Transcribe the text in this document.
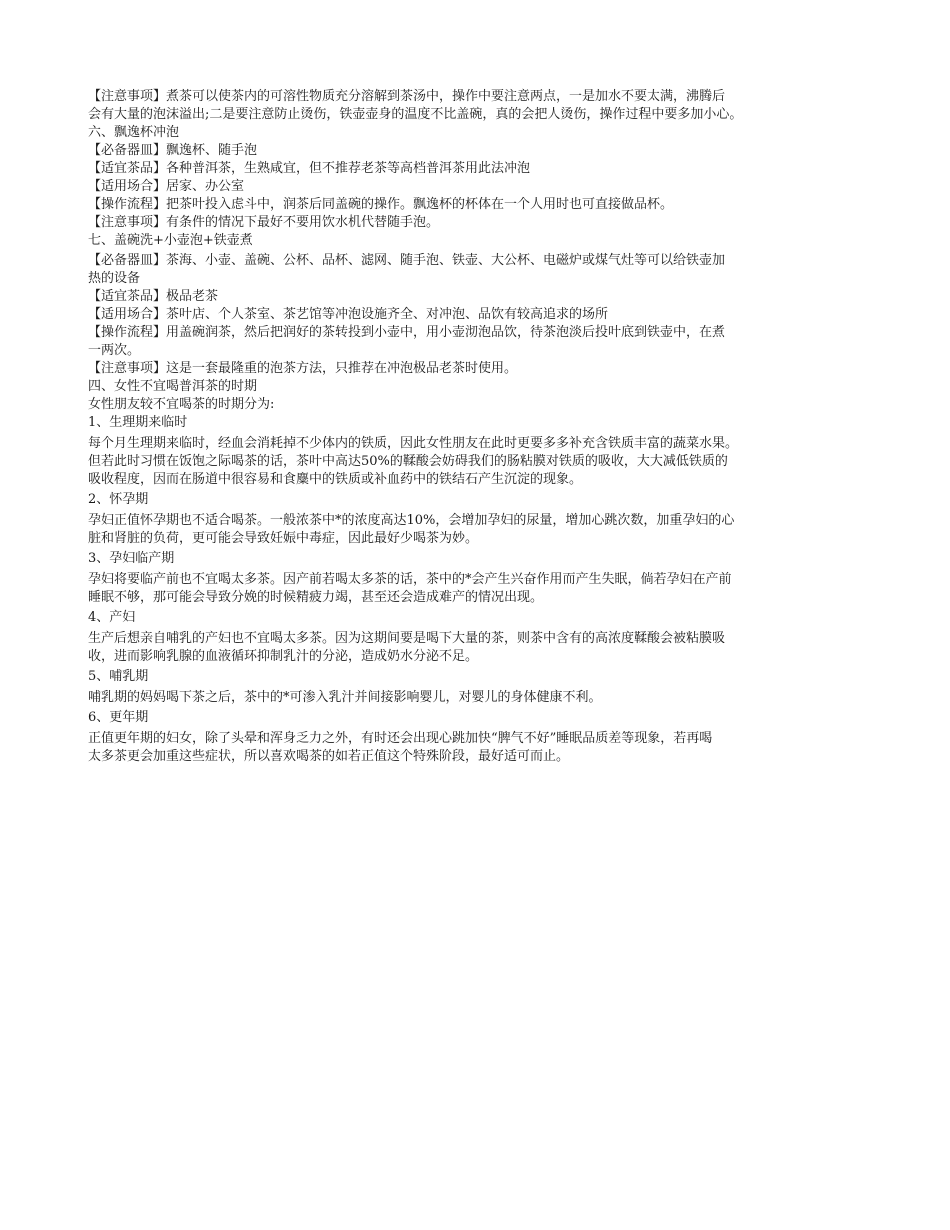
【注意事项】煮茶可以使茶内的可溶性物质充分溶解到茶汤中，操作中要注意两点，一是加水不要太满，沸腾后
会有大量的泡沫溢出;二是要注意防止烫伤，铁壶壶身的温度不比盖碗，真的会把人烫伤，操作过程中要多加小心。
六、飘逸杯冲泡
【必备器皿】飘逸杯、随手泡
【适宜茶品】各种普洱茶，生熟咸宜，但不推荐老茶等高档普洱茶用此法冲泡
【适用场合】居家、办公室
【操作流程】把茶叶投入虑斗中，润茶后同盖碗的操作。飘逸杯的杯体在一个人用时也可直接做品杯。
【注意事项】有条件的情况下最好不要用饮水机代替随手泡。
七、盖碗洗+小壶泡+铁壶煮
【必备器皿】茶海、小壶、盖碗、公杯、品杯、滤网、随手泡、铁壶、大公杯、电磁炉或煤气灶等可以给铁壶加
热的设备
【适宜茶品】极品老茶
【适用场合】茶叶店、个人茶室、茶艺馆等冲泡设施齐全、对冲泡、品饮有较高追求的场所
【操作流程】用盖碗润茶，然后把润好的茶转投到小壶中，用小壶沏泡品饮，待茶泡淡后投叶底到铁壶中，在煮
一两次。
【注意事项】这是一套最隆重的泡茶方法，只推荐在冲泡极品老茶时使用。
四、女性不宜喝普洱茶的时期
女性朋友较不宜喝茶的时期分为:
1、生理期来临时
每个月生理期来临时，经血会消耗掉不少体内的铁质，因此女性朋友在此时更要多多补充含铁质丰富的蔬菜水果。
但若此时习惯在饭饱之际喝茶的话，茶叶中高达50%的鞣酸会妨碍我们的肠粘膜对铁质的吸收，大大减低铁质的
吸收程度，因而在肠道中很容易和食麋中的铁质或补血药中的铁结石产生沉淀的现象。
2、怀孕期
孕妇正值怀孕期也不适合喝茶。一般浓茶中*的浓度高达10%，会增加孕妇的尿量，增加心跳次数，加重孕妇的心
脏和肾脏的负荷，更可能会导致妊娠中毒症，因此最好少喝茶为妙。
3、孕妇临产期
孕妇将要临产前也不宜喝太多茶。因产前若喝太多茶的话，茶中的*会产生兴奋作用而产生失眠，倘若孕妇在产前
睡眠不够，那可能会导致分娩的时候精疲力竭，甚至还会造成难产的情况出现。
4、产妇
生产后想亲自哺乳的产妇也不宜喝太多茶。因为这期间要是喝下大量的茶，则茶中含有的高浓度鞣酸会被粘膜吸
收，进而影响乳腺的血液循环抑制乳汁的分泌，造成奶水分泌不足。
5、哺乳期
哺乳期的妈妈喝下茶之后，茶中的*可渗入乳汁并间接影响婴儿，对婴儿的身体健康不利。
6、更年期
正值更年期的妇女，除了头晕和浑身乏力之外，有时还会出现心跳加快“脾气不好”睡眠品质差等现象，若再喝
太多茶更会加重这些症状，所以喜欢喝茶的如若正值这个特殊阶段，最好适可而止。
